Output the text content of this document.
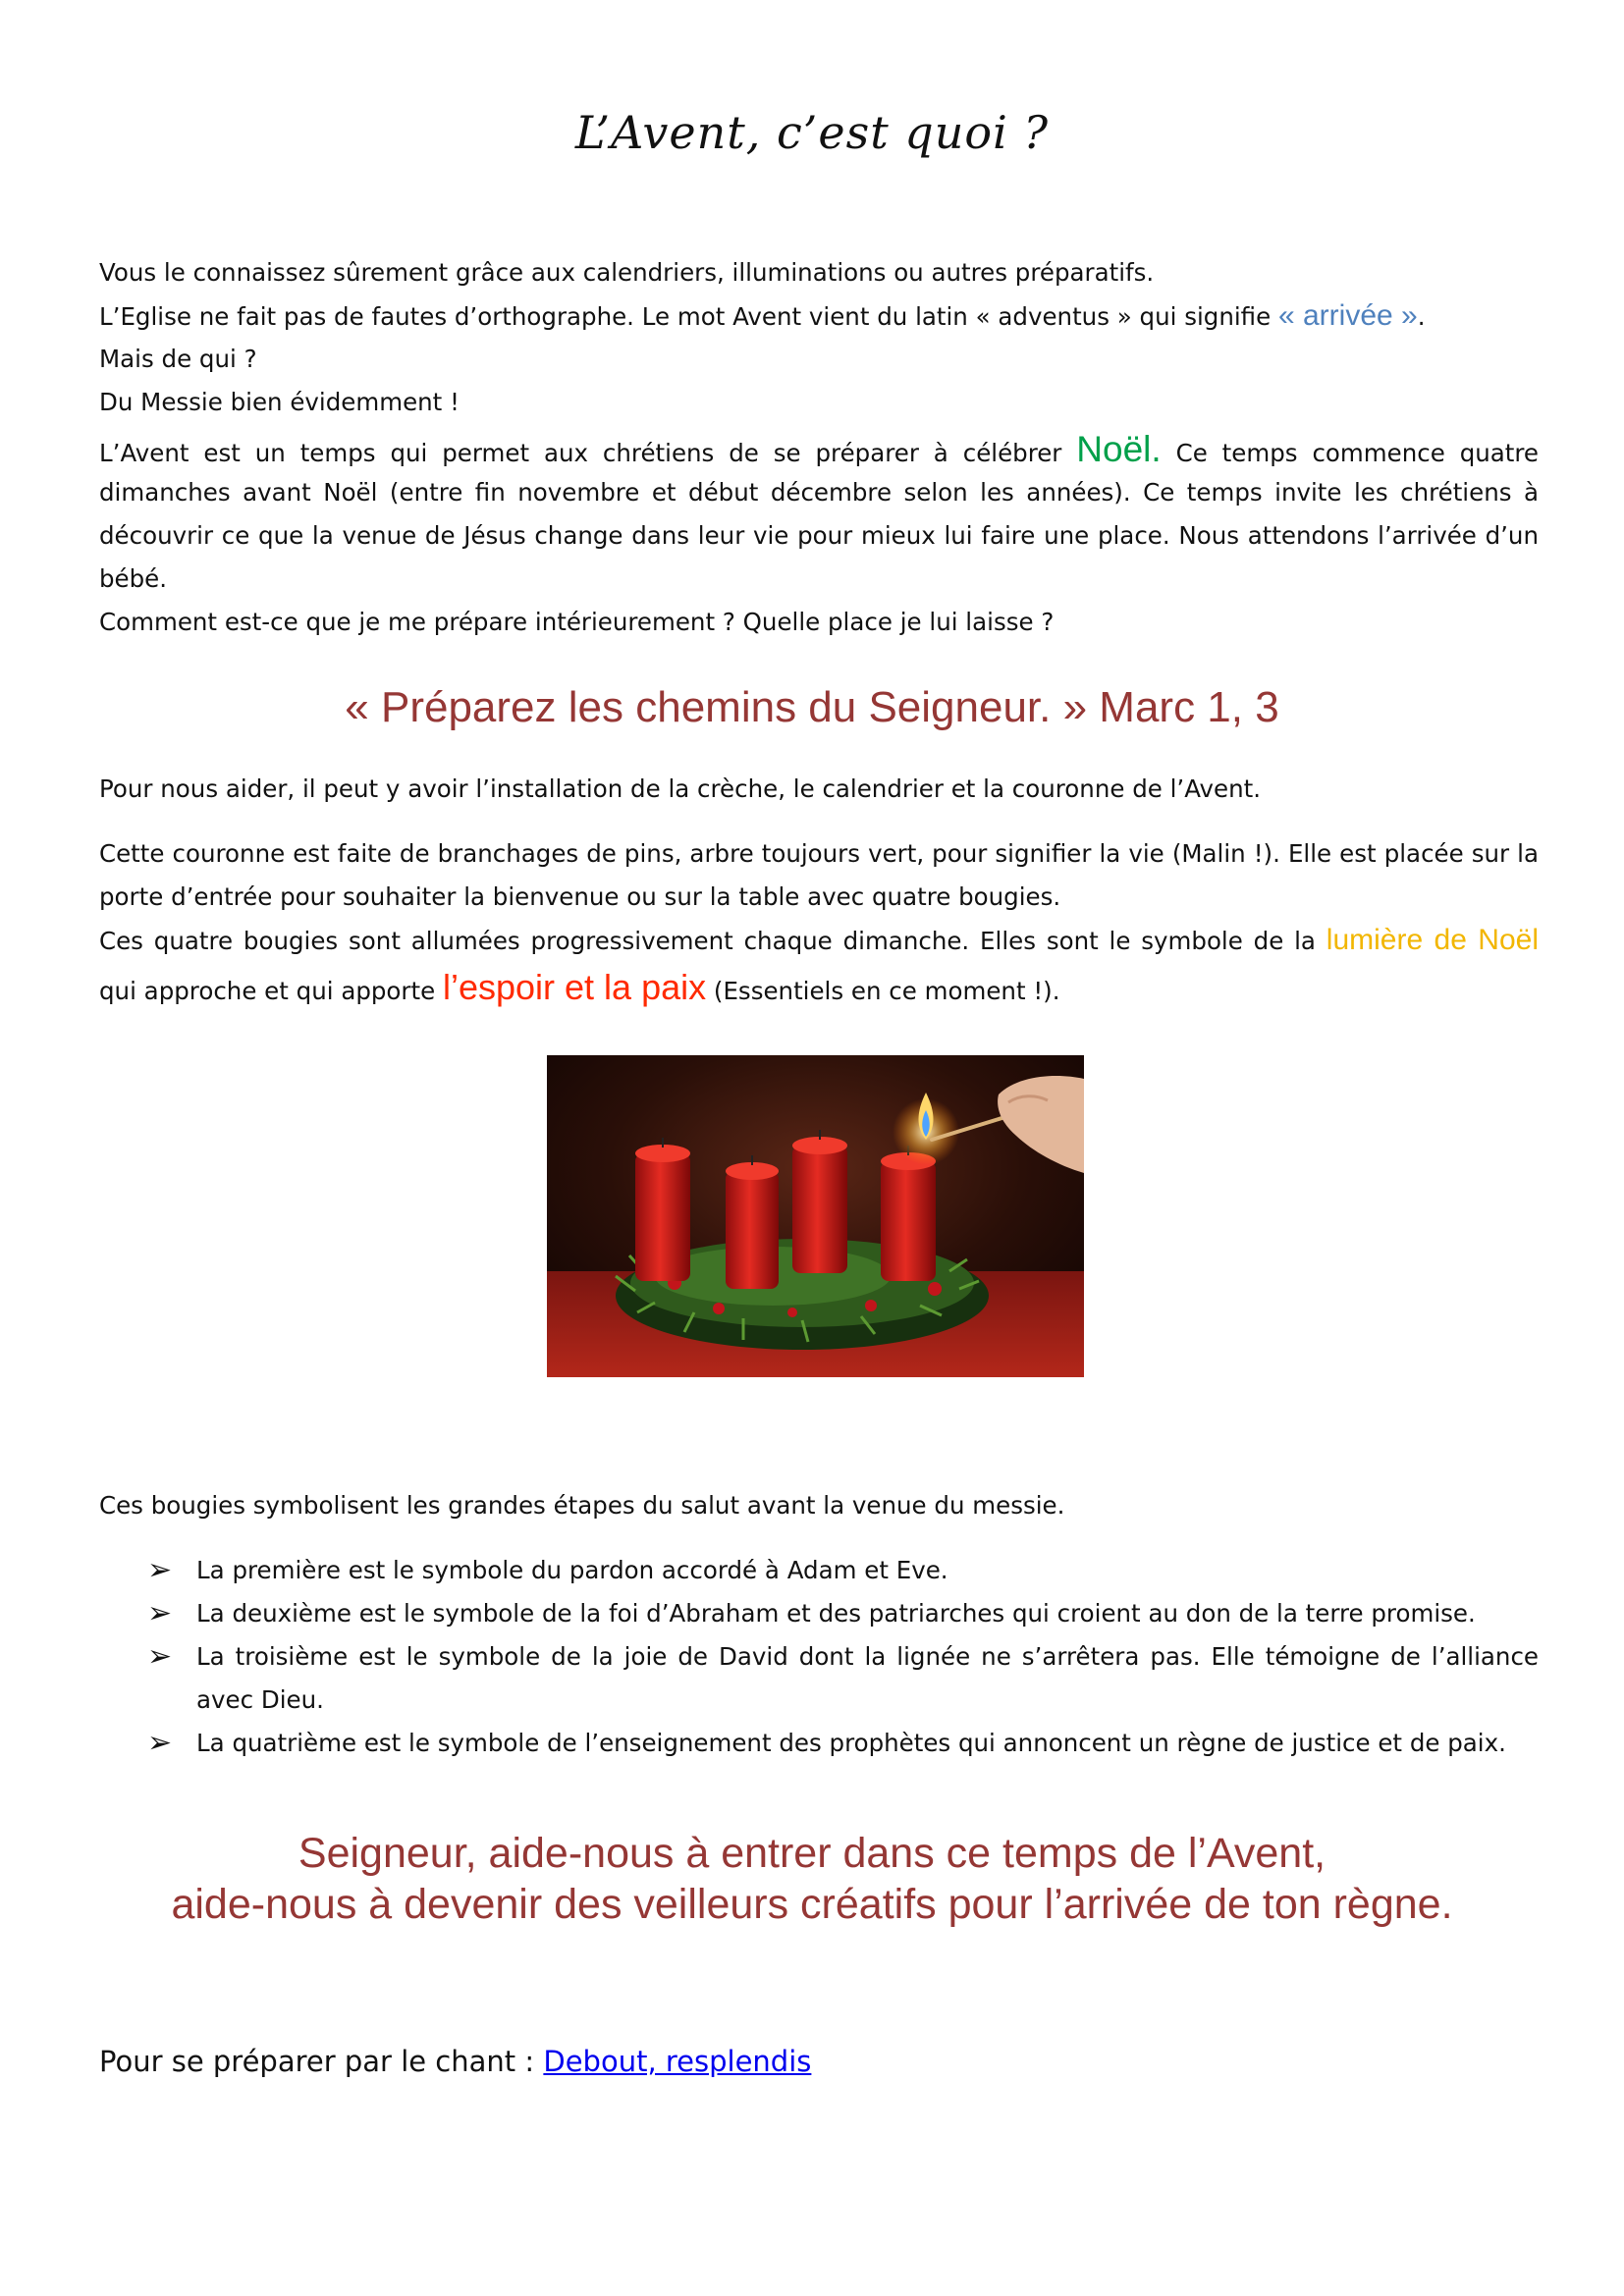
L’Avent, c’est quoi ?
Vous le connaissez sûrement grâce aux calendriers, illuminations ou autres préparatifs.
L’Eglise ne fait pas de fautes d’orthographe. Le mot Avent vient du latin « adventus » qui signifie « arrivée ».
Mais de qui ?
Du Messie bien évidemment !
L’Avent est un temps qui permet aux chrétiens de se préparer à célébrer Noël. Ce temps commence quatre
dimanches avant Noël (entre fin novembre et début décembre selon les années). Ce temps invite les chrétiens à
découvrir ce que la venue de Jésus change dans leur vie pour mieux lui faire une place. Nous attendons l’arrivée d’un
bébé.
Comment est-ce que je me prépare intérieurement ? Quelle place je lui laisse ?
« Préparez les chemins du Seigneur. » Marc 1, 3
Pour nous aider, il peut y avoir l’installation de la crèche, le calendrier et la couronne de l’Avent.
Cette couronne est faite de branchages de pins, arbre toujours vert, pour signifier la vie (Malin !). Elle est placée sur la
porte d’entrée pour souhaiter la bienvenue ou sur la table avec quatre bougies.
Ces quatre bougies sont allumées progressivement chaque dimanche. Elles sont le symbole de la lumière de Noël
qui approche et qui apporte l’espoir et la paix (Essentiels en ce moment !).
Ces bougies symbolisent les grandes étapes du salut avant la venue du messie.
➢ La première est le symbole du pardon accordé à Adam et Eve.
➢ La deuxième est le symbole de la foi d’Abraham et des patriarches qui croient au don de la terre promise.
➢ La troisième est le symbole de la joie de David dont la lignée ne s’arrêtera pas. Elle témoigne de l’alliance avec Dieu.
➢ La quatrième est le symbole de l’enseignement des prophètes qui annoncent un règne de justice et de paix.
Seigneur, aide-nous à entrer dans ce temps de l’Avent,
aide-nous à devenir des veilleurs créatifs pour l’arrivée de ton règne.
Pour se préparer par le chant : Debout, resplendis
